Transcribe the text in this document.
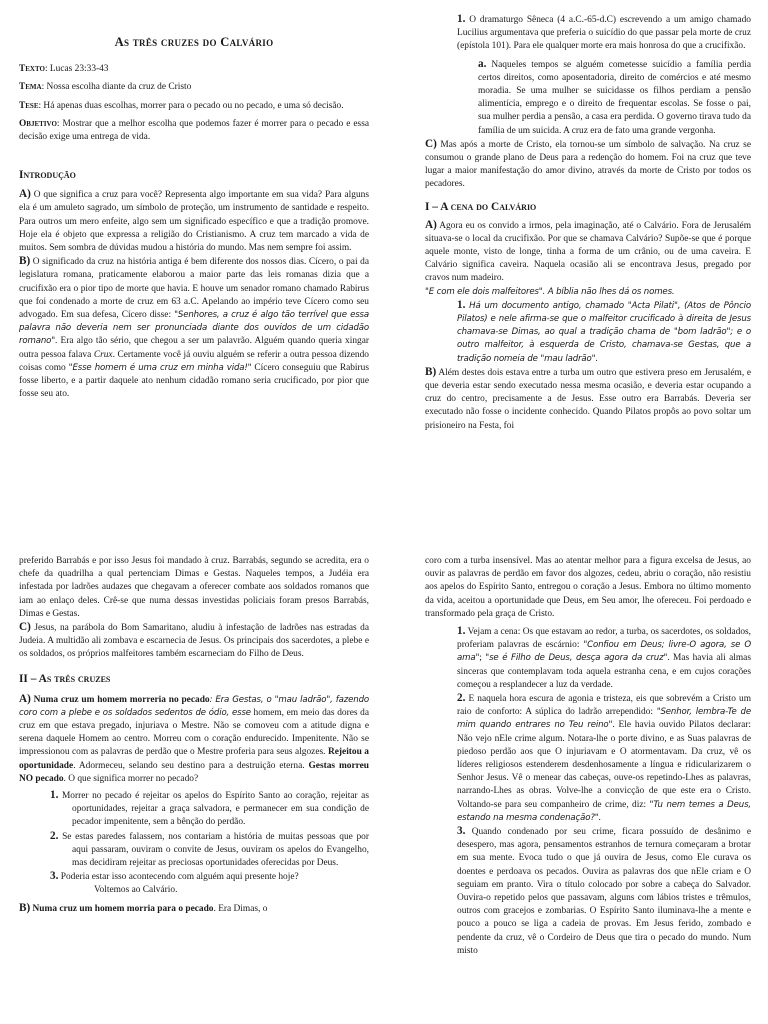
As três cruzes do Calvário

Texto: Lucas 23:33-43

Tema: Nossa escolha diante da cruz de Cristo

Tese: Há apenas duas escolhas, morrer para o pecado ou no pecado, e uma só decisão.

Objetivo: Mostrar que a melhor escolha que podemos fazer é morrer para o pecado e essa decisão exige uma entrega de vida.

Introdução

A) O que significa a cruz para você? Representa algo importante em sua vida? Para alguns ela é um amuleto sagrado, um símbolo de proteção, um instrumento de santidade e respeito. Para outros um mero enfeite, algo sem um significado específico e que a tradição promove. Hoje ela é objeto que expressa a religião do Cristianismo. A cruz tem marcado a vida de muitos. Sem sombra de dúvidas mudou a história do mundo. Mas nem sempre foi assim.

B) O significado da cruz na história antiga é bem diferente dos nossos dias. Cícero, o pai da legislatura romana, praticamente elaborou a maior parte das leis romanas dizia que a crucifixão era o pior tipo de morte que havia. E houve um senador romano chamado Rabirus que foi condenado a morte de cruz em 63 a.C. Apelando ao império teve Cícero como seu advogado. Em sua defesa, Cícero disse: "Senhores, a cruz é algo tão terrível que essa palavra não deveria nem ser pronunciada diante dos ouvidos de um cidadão romano". Era algo tão sério, que chegou a ser um palavrão. Alguém quando queria xingar outra pessoa falava Crux. Certamente você já ouviu alguém se referir a outra pessoa dizendo coisas como "Esse homem é uma cruz em minha vida!" Cícero conseguiu que Rabirus fosse liberto, e a partir daquele ato nenhum cidadão romano seria crucificado, por pior que fosse seu ato.

1. O dramaturgo Sêneca (4 a.C.-65-d.C) escrevendo a um amigo chamado Lucilius argumentava que preferia o suicídio do que passar pela morte de cruz (epístola 101). Para ele qualquer morte era mais honrosa do que a crucifixão.

a. Naqueles tempos se alguém cometesse suicídio a família perdia certos direitos, como aposentadoria, direito de comércios e até mesmo moradia. Se uma mulher se suicidasse os filhos perdiam a pensão alimentícia, emprego e o direito de frequentar escolas. Se fosse o pai, sua mulher perdia a pensão, a casa era perdida. O governo tirava tudo da família de um suicida. A cruz era de fato uma grande vergonha.

C) Mas após a morte de Cristo, ela tornou-se um símbolo de salvação. Na cruz se consumou o grande plano de Deus para a redenção do homem. Foi na cruz que teve lugar a maior manifestação do amor divino, através da morte de Cristo por todos os pecadores.

I – A cena do Calvário

A) Agora eu os convido a irmos, pela imaginação, até o Calvário. Fora de Jerusalém situava-se o local da crucifixão. Por que se chamava Calvário? Supõe-se que é porque aquele monte, visto de longe, tinha a forma de um crânio, ou de uma caveira. E Calvário significa caveira. Naquela ocasião ali se encontrava Jesus, pregado por cravos num madeiro.
"E com ele dois malfeitores". A bíblia não lhes dá os nomes.

1. Há um documento antigo, chamado "Acta Pilati", (Atos de Pôncio Pilatos) e nele afirma-se que o malfeitor crucificado à direita de Jesus chamava-se Dimas, ao qual a tradição chama de "bom ladrão"; e o outro malfeitor, à esquerda de Cristo, chamava-se Gestas, que a tradição nomeia de "mau ladrão".

B) Além destes dois estava entre a turba um outro que estivera preso em Jerusalém, e que deveria estar sendo executado nessa mesma ocasião, e deveria estar ocupando a cruz do centro, precisamente a de Jesus. Esse outro era Barrabás. Deveria ser executado não fosse o incidente conhecido. Quando Pilatos propôs ao povo soltar um prisioneiro na Festa, foi

preferido Barrabás e por isso Jesus foi mandado à cruz. Barrabás, segundo se acredita, era o chefe da quadrilha a qual pertenciam Dimas e Gestas. Naqueles tempos, a Judéia era infestada por ladrões audazes que chegavam a oferecer combate aos soldados romanos que iam ao enlaço deles. Crê-se que numa dessas investidas policiais foram presos Barrabás, Dimas e Gestas.

C) Jesus, na parábola do Bom Samaritano, aludiu à infestação de ladrões nas estradas da Judeia. A multidão ali zombava e escarnecia de Jesus. Os principais dos sacerdotes, a plebe e os soldados, os próprios malfeitores também escarneciam do Filho de Deus.

II – As três cruzes

A) Numa cruz um homem morreria no pecado: Era Gestas, o "mau ladrão", fazendo coro com a plebe e os soldados sedentos de ódio, esse homem, em meio das dores da cruz em que estava pregado, injuriava o Mestre. Não se comoveu com a atitude digna e serena daquele Homem ao centro. Morreu com o coração endurecido. Impenitente. Não se impressionou com as palavras de perdão que o Mestre proferia para seus algozes. Rejeitou a oportunidade. Adormeceu, selando seu destino para a destruição eterna. Gestas morreu NO pecado. O que significa morrer no pecado?

1. Morrer no pecado é rejeitar os apelos do Espírito Santo ao coração, rejeitar as oportunidades, rejeitar a graça salvadora, e permanecer em sua condição de pecador impenitente, sem a bênção do perdão.

2. Se estas paredes falassem, nos contariam a história de muitas pessoas que por aqui passaram, ouviram o convite de Jesus, ouviram os apelos do Evangelho, mas decidiram rejeitar as preciosas oportunidades oferecidas por Deus.

3. Poderia estar isso acontecendo com alguém aqui presente hoje?
Voltemos ao Calvário.

B) Numa cruz um homem morria para o pecado. Era Dimas, o

coro com a turba insensível. Mas ao atentar melhor para a figura excelsa de Jesus, ao ouvir as palavras de perdão em favor dos algozes, cedeu, abriu o coração, não resistiu aos apelos do Espírito Santo, entregou o coração a Jesus. Embora no último momento da vida, aceitou a oportunidade que Deus, em Seu amor, lhe ofereceu. Foi perdoado e transformado pela graça de Cristo.

1. Vejam a cena: Os que estavam ao redor, a turba, os sacerdotes, os soldados, proferiam palavras de escárnio: "Confiou em Deus; livre-O agora, se O ama"; "se é Filho de Deus, desça agora da cruz". Mas havia ali almas sinceras que contemplavam toda aquela estranha cena, e em cujos corações começou a resplandecer a luz da verdade.

2. E naquela hora escura de agonia e tristeza, eis que sobrevém a Cristo um raio de conforto: A súplica do ladrão arrependido: "Senhor, lembra-Te de mim quando entrares no Teu reino". Ele havia ouvido Pilatos declarar: Não vejo nEle crime algum. Notara-lhe o porte divino, e as Suas palavras de piedoso perdão aos que O injuriavam e O atormentavam. Da cruz, vê os líderes religiosos estenderem desdenhosamente a língua e ridicularizarem o Senhor Jesus. Vê o menear das cabeças, ouve-os repetindo-Lhes as palavras, narrando-Lhes as obras. Volve-lhe a convicção de que este era o Cristo. Voltando-se para seu companheiro de crime, diz: "Tu nem temes a Deus, estando na mesma condenação?".

3. Quando condenado por seu crime, ficara possuído de desânimo e desespero, mas agora, pensamentos estranhos de ternura começaram a brotar em sua mente. Evoca tudo o que já ouvira de Jesus, como Ele curava os doentes e perdoava os pecados. Ouvira as palavras dos que nEle criam e O seguiam em pranto. Vira o título colocado por sobre a cabeça do Salvador. Ouvira-o repetido pelos que passavam, alguns com lábios tristes e trêmulos, outros com gracejos e zombarias. O Espírito Santo iluminava-lhe a mente e pouco a pouco se liga a cadeia de provas. Em Jesus ferido, zombado e pendente da cruz, vê o Cordeiro de Deus que tira o pecado do mundo. Num misto
